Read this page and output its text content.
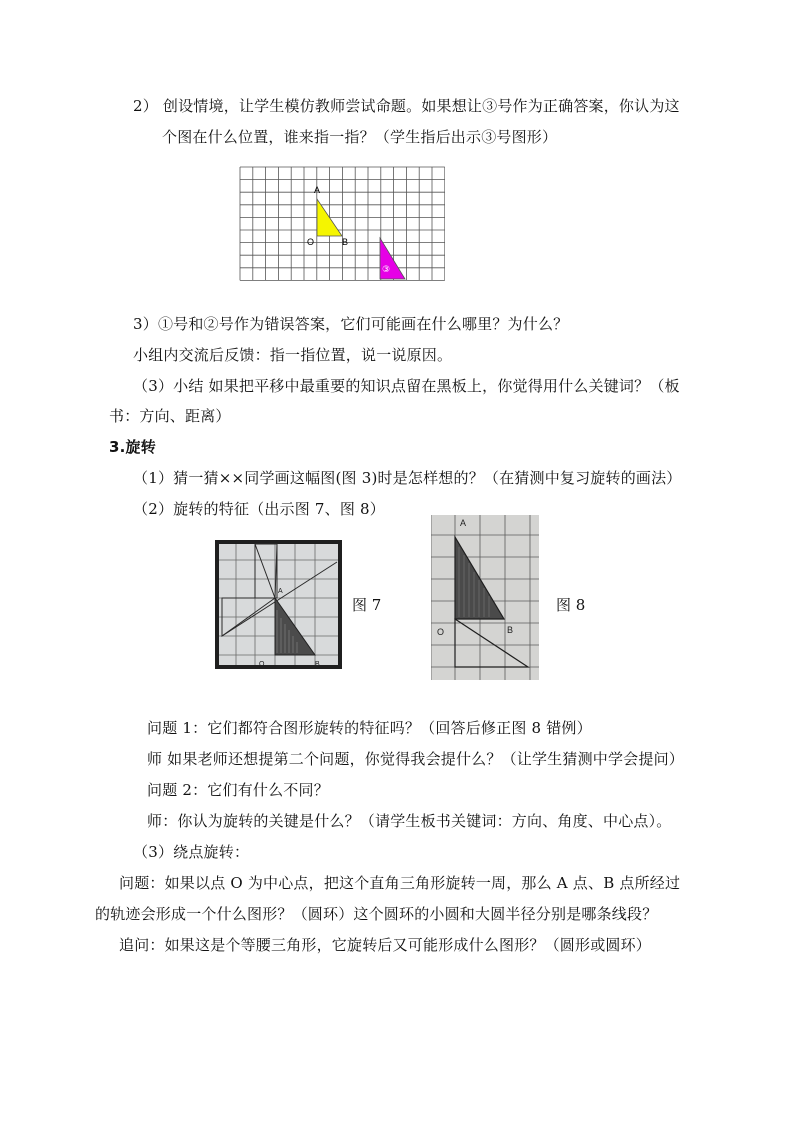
2） 创设情境，让学生模仿教师尝试命题。如果想让③号作为正确答案，你认为这
个图在什么位置，谁来指一指？（学生指后出示③号图形）
A
O	B
③
3）①号和②号作为错误答案，它们可能画在什么哪里？为什么？
小组内交流后反馈：指一指位置，说一说原因。
（3）小结 如果把平移中最重要的知识点留在黑板上，你觉得用什么关键词？（板
书：方向、距离）
3.旋转
（1）猜一猜××同学画这幅图(图 3)时是怎样想的？（在猜测中复习旋转的画法）
（2）旋转的特征（出示图 7、图 8）
A
O	B
图 7
A
O	B
图 8
问题 1：它们都符合图形旋转的特征吗？（回答后修正图 8 错例）
师 如果老师还想提第二个问题，你觉得我会提什么？（让学生猜测中学会提问）
问题 2：它们有什么不同？
师：你认为旋转的关键是什么？（请学生板书关键词：方向、角度、中心点）。
（3）绕点旋转：
问题：如果以点 O 为中心点，把这个直角三角形旋转一周，那么 A 点、B 点所经过
的轨迹会形成一个什么图形？（圆环）这个圆环的小圆和大圆半径分别是哪条线段？
追问：如果这是个等腰三角形，它旋转后又可能形成什么图形？（圆形或圆环）
